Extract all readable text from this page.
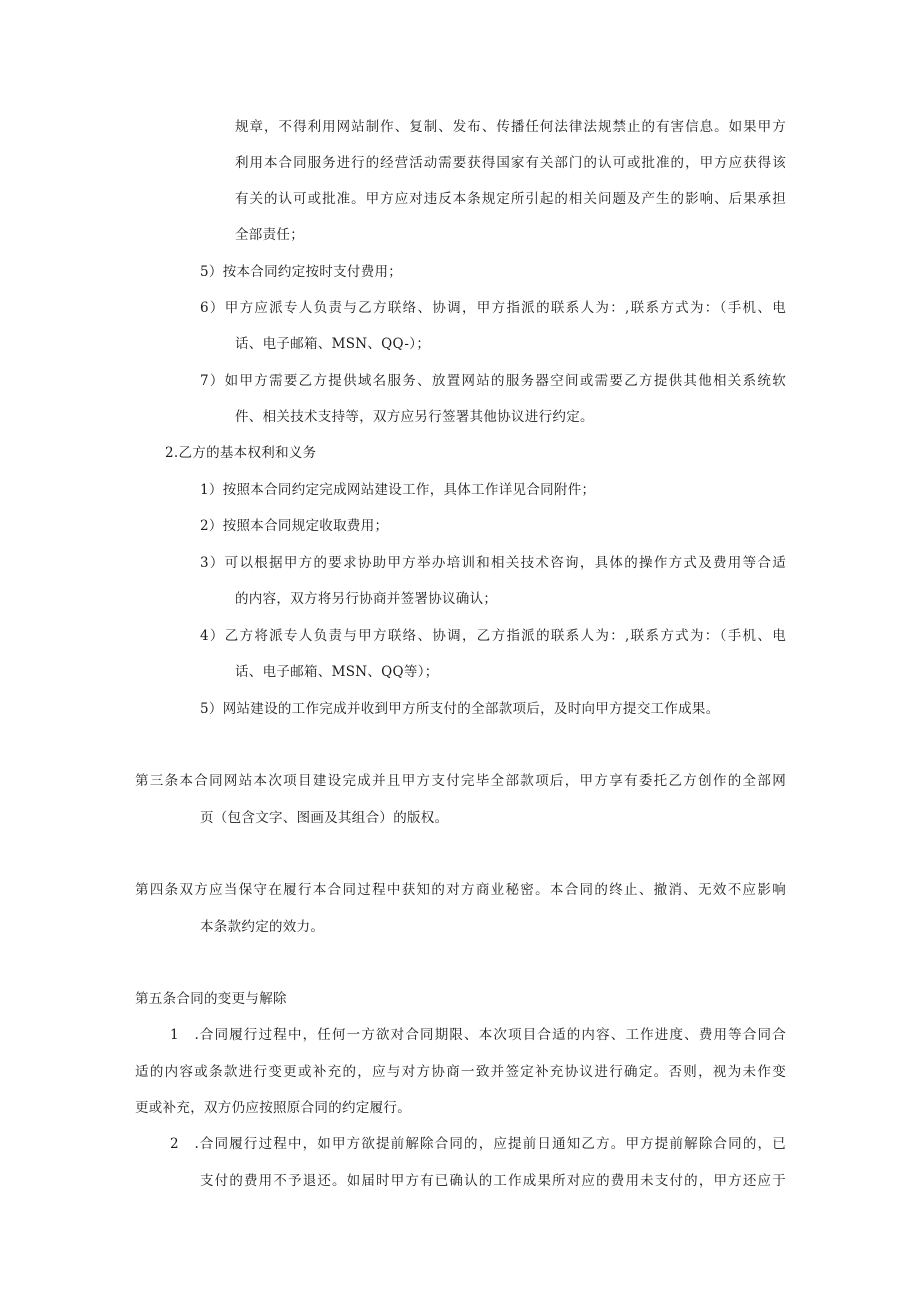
规章，不得利用网站制作、复制、发布、传播任何法律法规禁止的有害信息。如果甲方
利用本合同服务进行的经营活动需要获得国家有关部门的认可或批准的，甲方应获得该
有关的认可或批准。甲方应对违反本条规定所引起的相关问题及产生的影响、后果承担
全部责任；
5）按本合同约定按时支付费用；
6）甲方应派专人负责与乙方联络、协调，甲方指派的联系人为：,联系方式为：（手机、电
话、电子邮箱、MSN、QQ-）；
7）如甲方需要乙方提供域名服务、放置网站的服务器空间或需要乙方提供其他相关系统软
件、相关技术支持等，双方应另行签署其他协议进行约定。
2.乙方的基本权利和义务
1）按照本合同约定完成网站建设工作，具体工作详见合同附件；
2）按照本合同规定收取费用；
3）可以根据甲方的要求协助甲方举办培训和相关技术咨询，具体的操作方式及费用等合适
的内容，双方将另行协商并签署协议确认；
4）乙方将派专人负责与甲方联络、协调，乙方指派的联系人为：,联系方式为：（手机、电
话、电子邮箱、MSN、QQ等）；
5）网站建设的工作完成并收到甲方所支付的全部款项后，及时向甲方提交工作成果。
第三条本合同网站本次项目建设完成并且甲方支付完毕全部款项后，甲方享有委托乙方创作的全部网
页（包含文字、图画及其组合）的版权。
第四条双方应当保守在履行本合同过程中获知的对方商业秘密。本合同的终止、撤消、无效不应影响
本条款约定的效力。
第五条合同的变更与解除
1　.合同履行过程中，任何一方欲对合同期限、本次项目合适的内容、工作进度、费用等合同合
适的内容或条款进行变更或补充的，应与对方协商一致并签定补充协议进行确定。否则，视为未作变
更或补充，双方仍应按照原合同的约定履行。
2　.合同履行过程中，如甲方欲提前解除合同的，应提前日通知乙方。甲方提前解除合同的，已
支付的费用不予退还。如届时甲方有已确认的工作成果所对应的费用未支付的，甲方还应于
